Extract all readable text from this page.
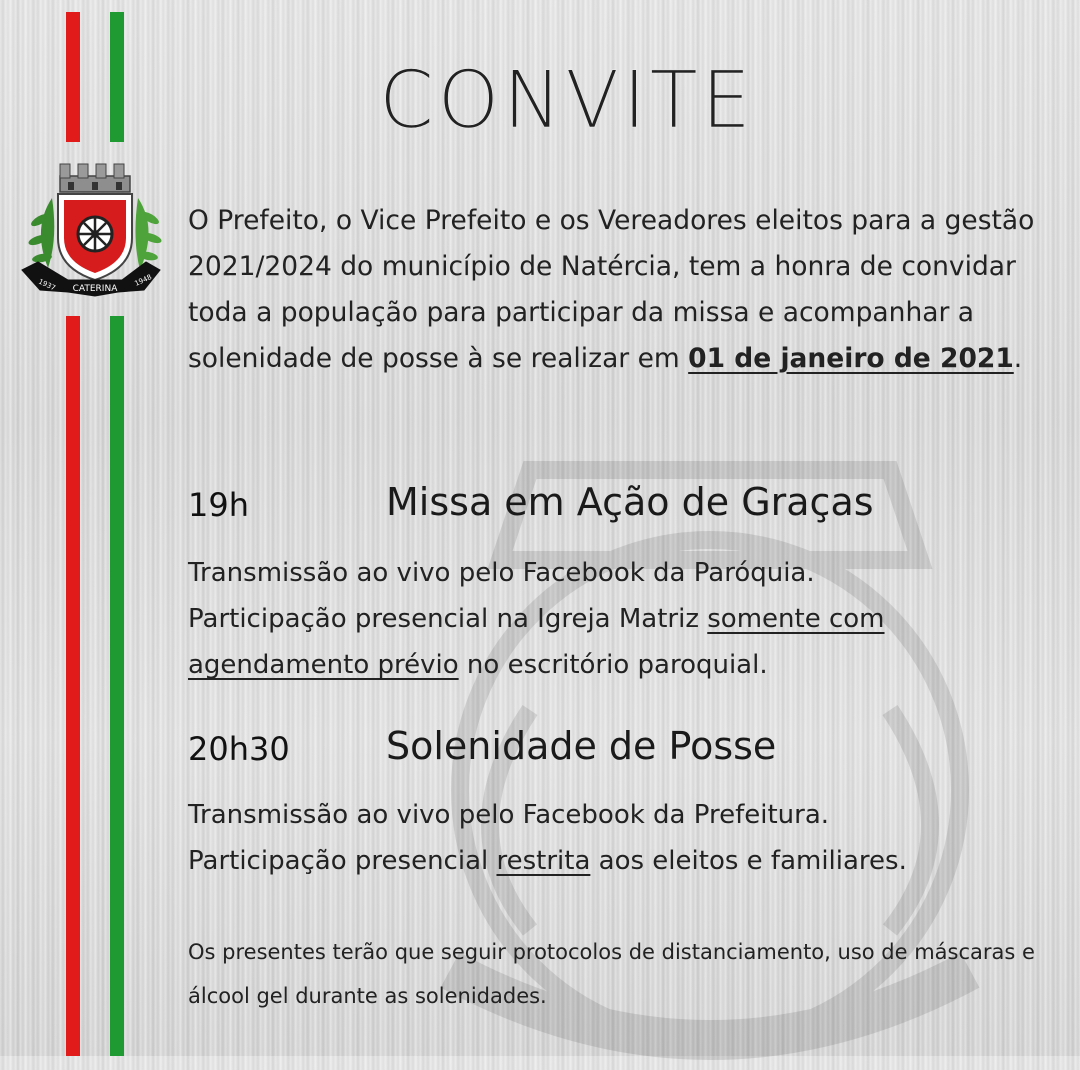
CATERINA
1937	1948
CONVITE

O Prefeito, o Vice Prefeito e os Vereadores eleitos para a gestão 2021/2024 do município de Natércia, tem a honra de convidar toda a população para participar da missa e acompanhar a solenidade de posse à se realizar em 01 de janeiro de 2021.

19h	Missa em Ação de Graças

Transmissão ao vivo pelo Facebook da Paróquia.
Participação presencial na Igreja Matriz somente com agendamento prévio no escritório paroquial.

20h30	Solenidade de Posse

Transmissão ao vivo pelo Facebook da Prefeitura.
Participação presencial restrita aos eleitos e familiares.

Os presentes terão que seguir protocolos de distanciamento, uso de máscaras e álcool gel durante as solenidades.
